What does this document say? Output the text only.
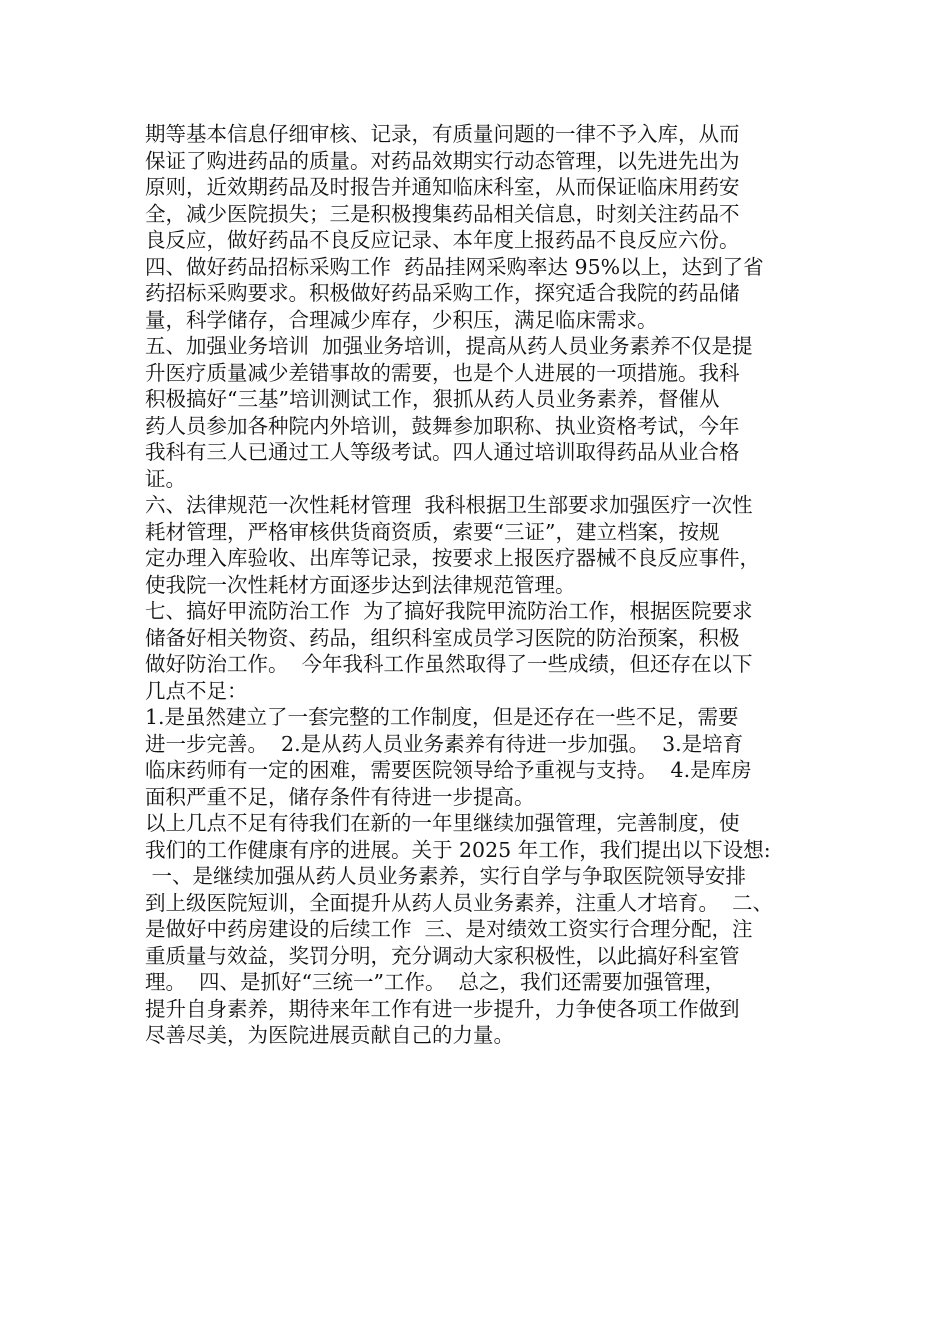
期等基本信息仔细审核、记录，有质量问题的一律不予入库，从而
保证了购进药品的质量。对药品效期实行动态管理，以先进先出为
原则，近效期药品及时报告并通知临床科室，从而保证临床用药安
全，减少医院损失；三是积极搜集药品相关信息，时刻关注药品不
良反应，做好药品不良反应记录、本年度上报药品不良反应六份。
四、做好药品招标采购工作  药品挂网采购率达 95%以上，达到了省
药招标采购要求。积极做好药品采购工作，探究适合我院的药品储
量，科学储存，合理减少库存，少积压，满足临床需求。
五、加强业务培训  加强业务培训，提高从药人员业务素养不仅是提
升医疗质量减少差错事故的需要，也是个人进展的一项措施。我科
积极搞好“三基”培训测试工作，狠抓从药人员业务素养，督催从
药人员参加各种院内外培训，鼓舞参加职称、执业资格考试，今年
我科有三人已通过工人等级考试。四人通过培训取得药品从业合格
证。
六、法律规范一次性耗材管理  我科根据卫生部要求加强医疗一次性
耗材管理，严格审核供货商资质，索要“三证”，建立档案，按规
定办理入库验收、出库等记录，按要求上报医疗器械不良反应事件，
使我院一次性耗材方面逐步达到法律规范管理。
七、搞好甲流防治工作  为了搞好我院甲流防治工作，根据医院要求
储备好相关物资、药品，组织科室成员学习医院的防治预案，积极
做好防治工作。  今年我科工作虽然取得了一些成绩，但还存在以下
几点不足：
1.是虽然建立了一套完整的工作制度，但是还存在一些不足，需要
进一步完善。  2.是从药人员业务素养有待进一步加强。  3.是培育
临床药师有一定的困难，需要医院领导给予重视与支持。  4.是库房
面积严重不足，储存条件有待进一步提高。
以上几点不足有待我们在新的一年里继续加强管理，完善制度，使
我们的工作健康有序的进展。关于 2025 年工作，我们提出以下设想:
一、是继续加强从药人员业务素养，实行自学与争取医院领导安排
到上级医院短训，全面提升从药人员业务素养，注重人才培育。  二、
是做好中药房建设的后续工作  三、是对绩效工资实行合理分配，注
重质量与效益，奖罚分明，充分调动大家积极性，以此搞好科室管
理。  四、是抓好“三统一”工作。  总之，我们还需要加强管理，
提升自身素养，期待来年工作有进一步提升，力争使各项工作做到
尽善尽美，为医院进展贡献自己的力量。
